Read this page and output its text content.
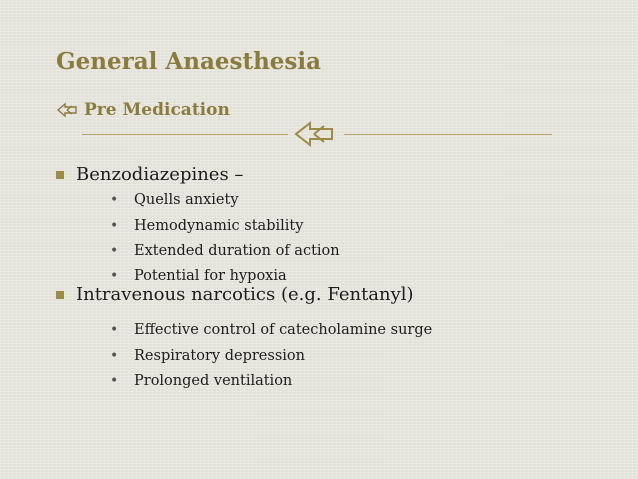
General Anaesthesia
Pre Medication
Benzodiazepines –
•	Quells anxiety
•	Hemodynamic stability
•	Extended duration of action
•	Potential for hypoxia
Intravenous narcotics (e.g. Fentanyl)
•	Effective control of catecholamine surge
•	Respiratory depression
•	Prolonged ventilation
